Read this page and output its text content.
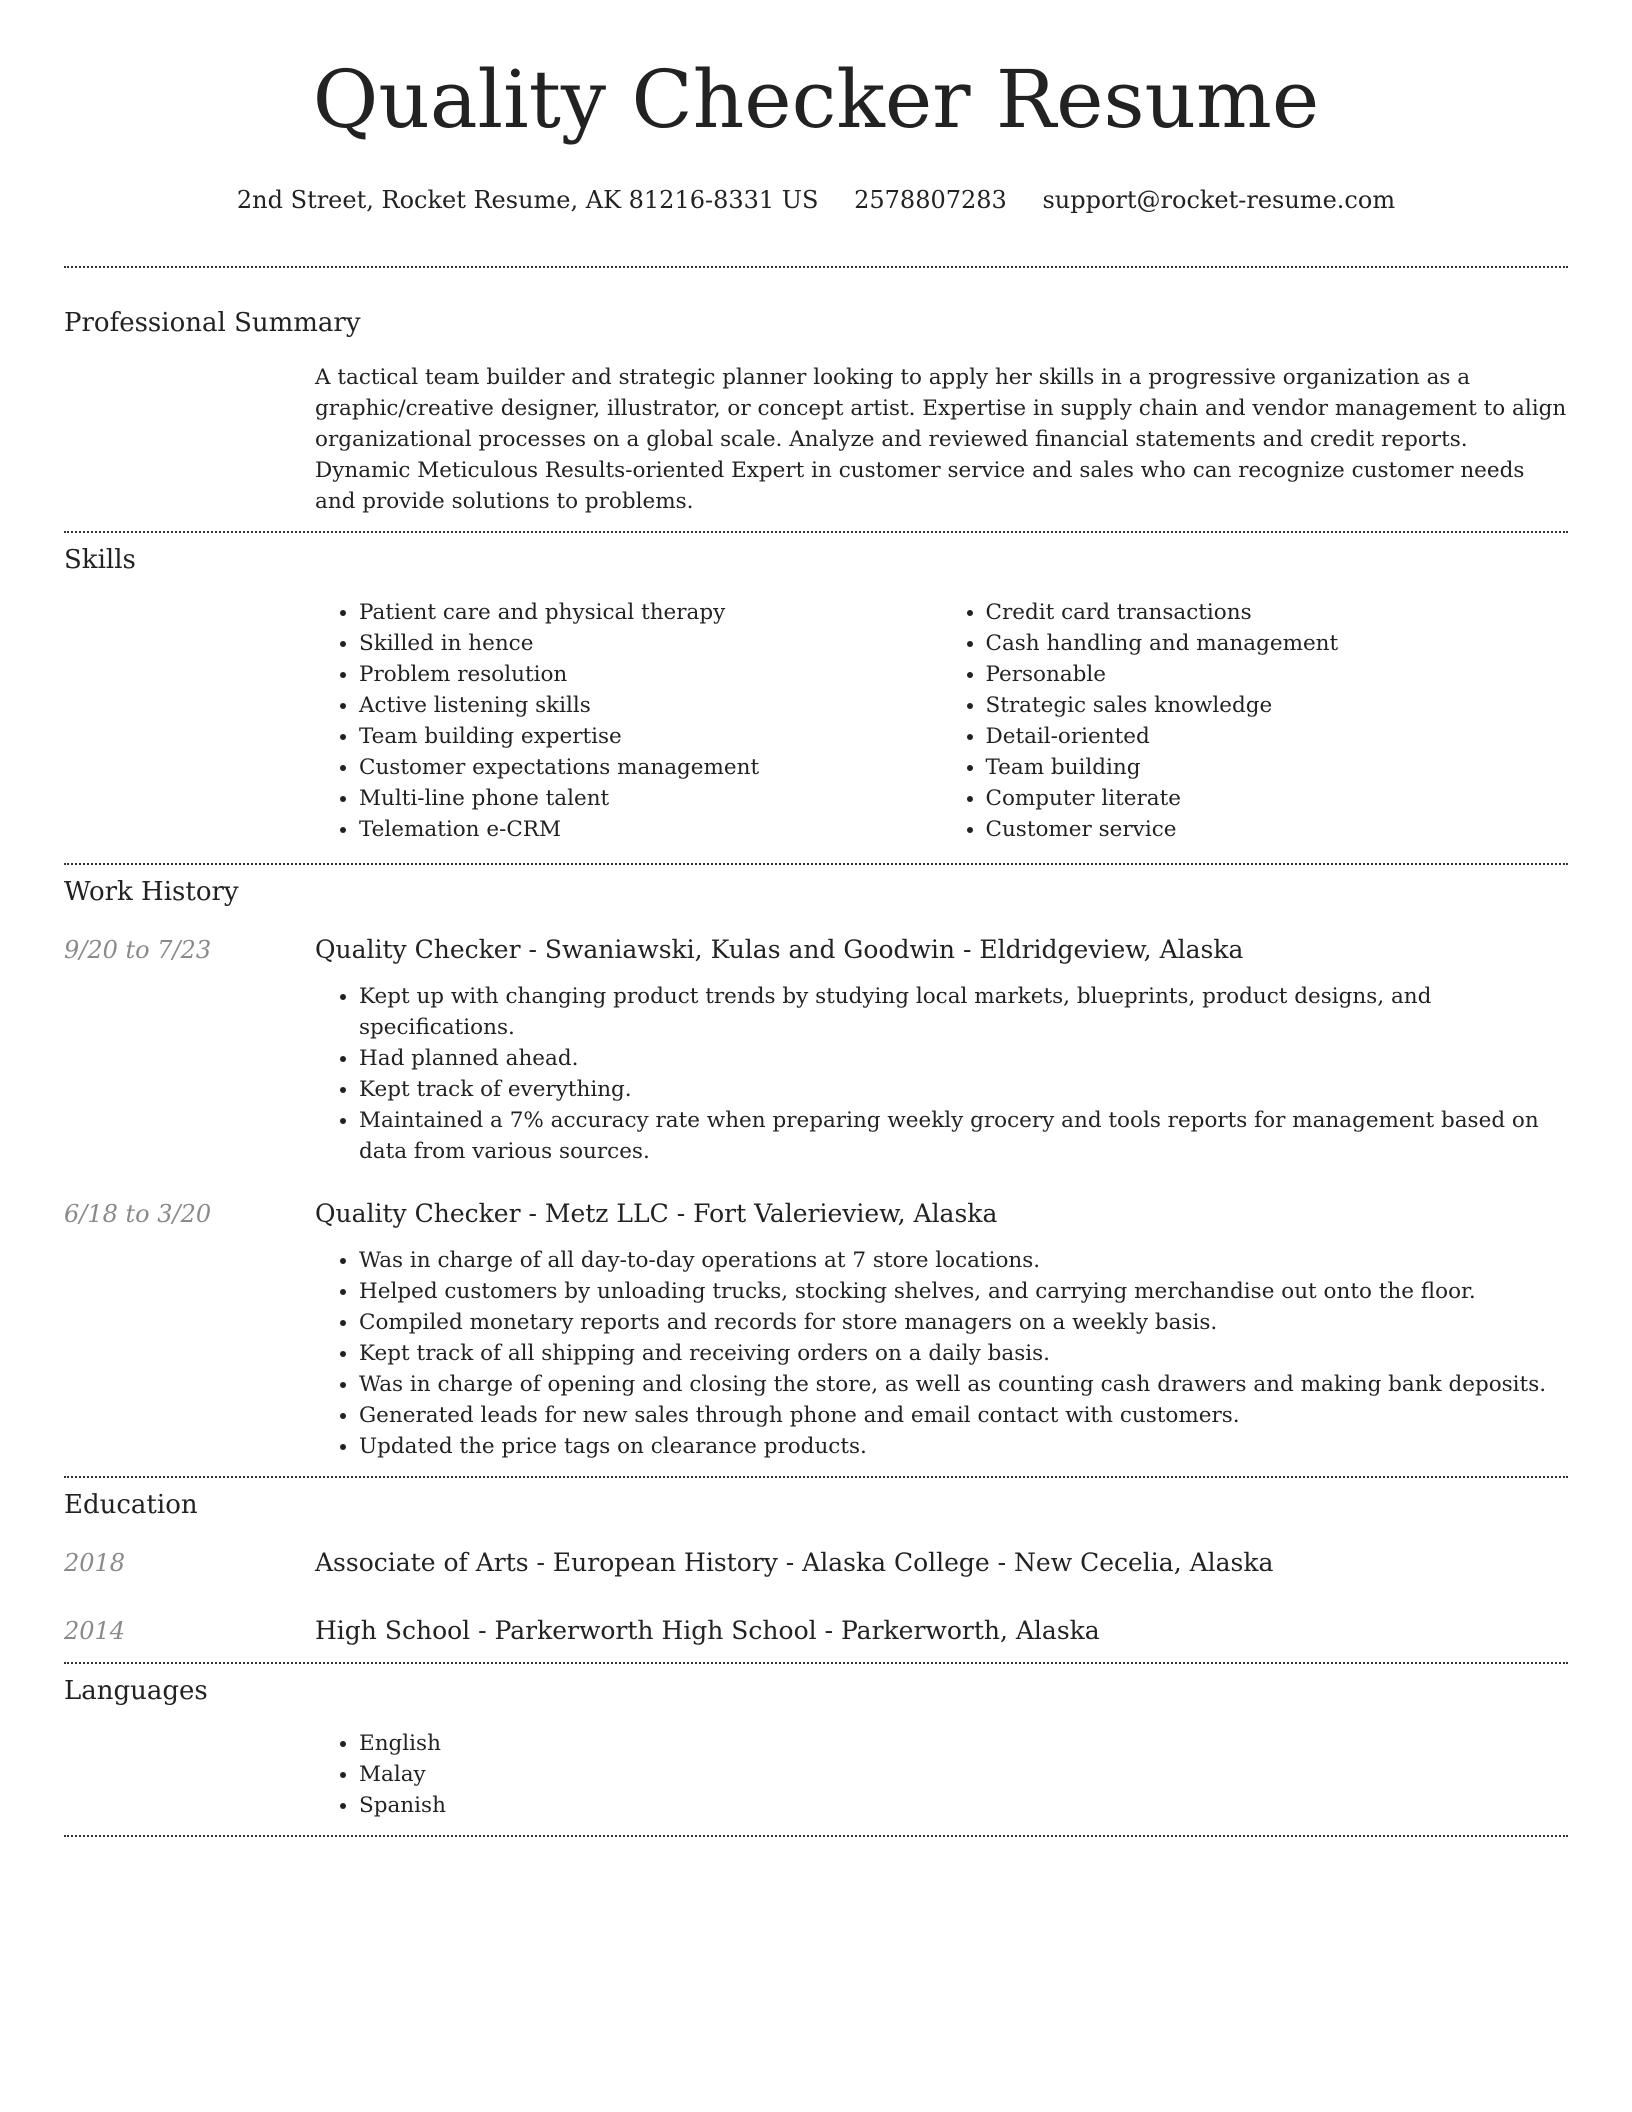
Quality Checker Resume
2nd Street, Rocket Resume, AK 81216-8331 US 2578807283 support@rocket-resume.com
Professional Summary
A tactical team builder and strategic planner looking to apply her skills in a progressive organization as a graphic/creative designer, illustrator, or concept artist. Expertise in supply chain and vendor management to align organizational processes on a global scale. Analyze and reviewed financial statements and credit reports. Dynamic Meticulous Results-oriented Expert in customer service and sales who can recognize customer needs and provide solutions to problems.
Skills
• Patient care and physical therapy
• Skilled in hence
• Problem resolution
• Active listening skills
• Team building expertise
• Customer expectations management
• Multi-line phone talent
• Telemation e-CRM
• Credit card transactions
• Cash handling and management
• Personable
• Strategic sales knowledge
• Detail-oriented
• Team building
• Computer literate
• Customer service
Work History
9/20 to 7/23	Quality Checker - Swaniawski, Kulas and Goodwin - Eldridgeview, Alaska
• Kept up with changing product trends by studying local markets, blueprints, product designs, and specifications.
• Had planned ahead.
• Kept track of everything.
• Maintained a 7% accuracy rate when preparing weekly grocery and tools reports for management based on data from various sources.
6/18 to 3/20	Quality Checker - Metz LLC - Fort Valerieview, Alaska
• Was in charge of all day-to-day operations at 7 store locations.
• Helped customers by unloading trucks, stocking shelves, and carrying merchandise out onto the floor.
• Compiled monetary reports and records for store managers on a weekly basis.
• Kept track of all shipping and receiving orders on a daily basis.
• Was in charge of opening and closing the store, as well as counting cash drawers and making bank deposits.
• Generated leads for new sales through phone and email contact with customers.
• Updated the price tags on clearance products.
Education
2018	Associate of Arts - European History - Alaska College - New Cecelia, Alaska
2014	High School - Parkerworth High School - Parkerworth, Alaska
Languages
• English
• Malay
• Spanish
